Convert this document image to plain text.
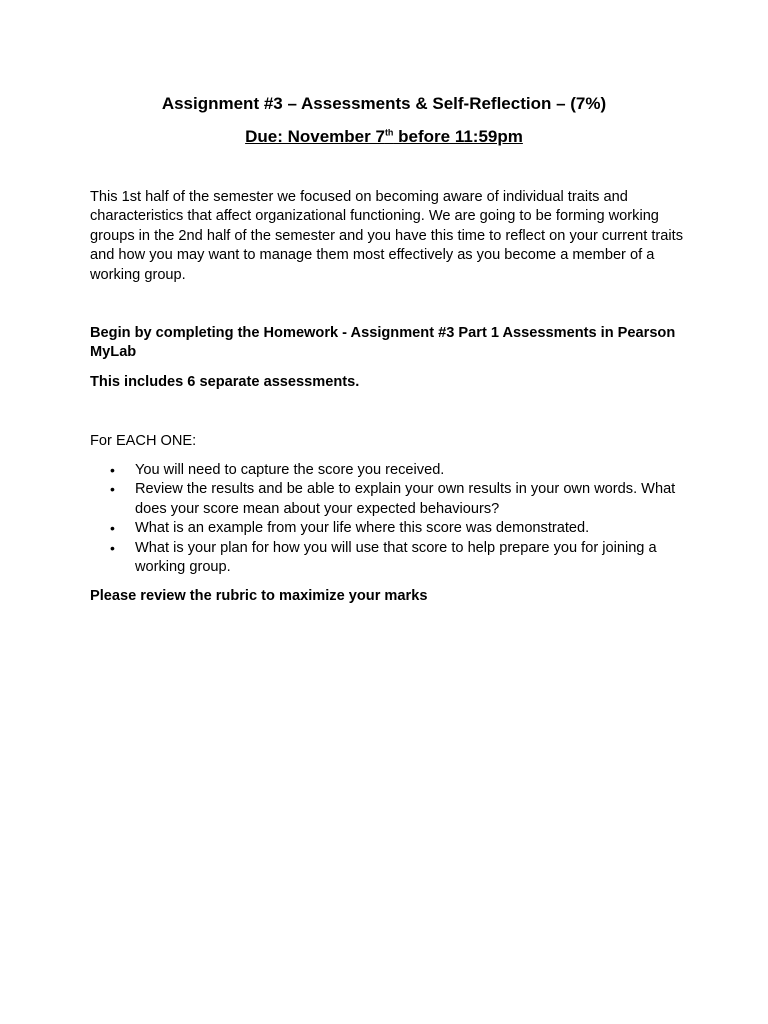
Assignment #3 – Assessments & Self-Reflection – (7%)
Due: November 7th before 11:59pm
This 1st half of the semester we focused on becoming aware of individual traits and characteristics that affect organizational functioning. We are going to be forming working groups in the 2nd half of the semester and you have this time to reflect on your current traits and how you may want to manage them most effectively as you become a member of a working group.
Begin by completing the Homework - Assignment #3 Part 1 Assessments in Pearson MyLab
This includes 6 separate assessments.
For EACH ONE:
• You will need to capture the score you received.
• Review the results and be able to explain your own results in your own words. What does your score mean about your expected behaviours?
• What is an example from your life where this score was demonstrated.
• What is your plan for how you will use that score to help prepare you for joining a working group.
Please review the rubric to maximize your marks
